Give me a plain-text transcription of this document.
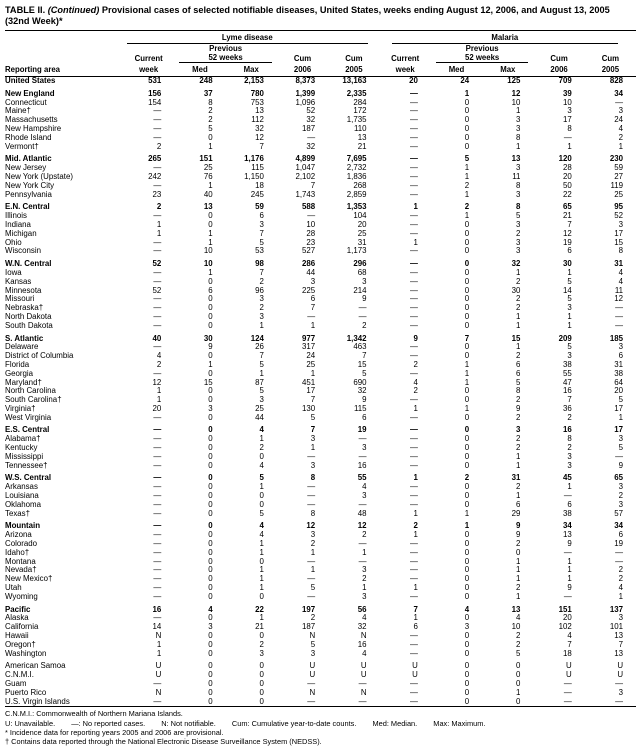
TABLE II. (Continued) Provisional cases of selected notifiable diseases, United States, weeks ending August 12, 2006, and August 13, 2005 (32nd Week)*

	Lyme disease					Malaria				

		Previous					Previous			
	Current	52 weeks		Cum	Cum	Current	52 weeks		Cum	Cum
Reporting area	week	Med	Max	2006	2005	week	Med	Max	2006	2005
United States	531	248	2,153	8,373	13,163	20	24	125	709	828
New England	156	37	780	1,399	2,335	—	1	12	39	34
Connecticut	154	8	753	1,096	284	—	0	10	10	—
Maine†	—	2	13	52	172	—	0	1	3	3
Massachusetts	—	2	112	32	1,735	—	0	3	17	24
New Hampshire	—	5	32	187	110	—	0	3	8	4
Rhode Island	—	0	12	—	13	—	0	8	—	2
Vermont†	2	1	7	32	21	—	0	1	1	1
Mid. Atlantic	265	151	1,176	4,899	7,695	—	5	13	120	230
New Jersey	—	25	115	1,047	2,732	—	1	3	28	59
New York (Upstate)	242	76	1,150	2,102	1,836	—	1	11	20	27
New York City	—	1	18	7	268	—	2	8	50	119
Pennsylvania	23	40	245	1,743	2,859	—	1	3	22	25
E.N. Central	2	13	59	588	1,353	1	2	8	65	95
Illinois	—	0	6	—	104	—	1	5	21	52
Indiana	1	0	3	10	20	—	0	3	7	3
Michigan	1	1	7	28	25	—	0	2	12	17
Ohio	—	1	5	23	31	1	0	3	19	15
Wisconsin	—	10	53	527	1,173	—	0	3	6	8
W.N. Central	52	10	98	286	296	—	0	32	30	31
Iowa	—	1	7	44	68	—	0	1	1	4
Kansas	—	0	2	3	3	—	0	2	5	4
Minnesota	52	6	96	225	214	—	0	30	14	11
Missouri	—	0	3	6	9	—	0	2	5	12
Nebraska†	—	0	2	7	—	—	0	2	3	—
North Dakota	—	0	3	—	—	—	0	1	1	—
South Dakota	—	0	1	1	2	—	0	1	1	—
S. Atlantic	40	30	124	977	1,342	9	7	15	209	185
Delaware	—	9	26	317	463	—	0	1	5	3
District of Columbia	4	0	7	24	7	—	0	2	3	6
Florida	2	1	5	25	15	2	1	6	38	31
Georgia	—	0	1	1	5	—	1	6	55	38
Maryland†	12	15	87	451	690	4	1	5	47	64
North Carolina	1	0	5	17	32	2	0	8	16	20
South Carolina†	1	0	3	7	9	—	0	2	7	5
Virginia†	20	3	25	130	115	1	1	9	36	17
West Virginia	—	0	44	5	6	—	0	2	2	1
E.S. Central	—	0	4	7	19	—	0	3	16	17
Alabama†	—	0	1	3	—	—	0	2	8	3
Kentucky	—	0	2	1	3	—	0	2	2	5
Mississippi	—	0	0	—	—	—	0	1	3	—
Tennessee†	—	0	4	3	16	—	0	1	3	9
W.S. Central	—	0	5	8	55	1	2	31	45	65
Arkansas	—	0	1	—	4	—	0	2	1	3
Louisiana	—	0	0	—	3	—	0	1	—	2
Oklahoma	—	0	0	—	—	—	0	6	6	3
Texas†	—	0	5	8	48	1	1	29	38	57
Mountain	—	0	4	12	12	2	1	9	34	34
Arizona	—	0	4	3	2	1	0	9	13	6
Colorado	—	0	1	2	—	—	0	2	9	19
Idaho†	—	0	1	1	1	—	0	0	—	—
Montana	—	0	0	—	—	—	0	1	1	—
Nevada†	—	0	1	1	3	—	0	1	1	2
New Mexico†	—	0	1	—	2	—	0	1	1	2
Utah	—	0	1	5	1	1	0	2	9	4
Wyoming	—	0	0	—	3	—	0	1	—	1
Pacific	16	4	22	197	56	7	4	13	151	137
Alaska	—	0	1	2	4	1	0	4	20	3
California	14	3	21	187	32	6	3	10	102	101
Hawaii	N	0	0	N	N	—	0	2	4	13
Oregon†	1	0	2	5	16	—	0	2	7	7
Washington	1	0	3	3	4	—	0	5	18	13
American Samoa	U	0	0	U	U	U	0	0	U	U
C.N.M.I.	U	0	0	U	U	U	0	0	U	U
Guam	—	0	0	—	—	—	0	0	—	—
Puerto Rico	N	0	0	N	N	—	0	1	—	3
U.S. Virgin Islands	—	0	0	—	—	—	0	0	—	—
C.N.M.I.: Commonwealth of Northern Mariana Islands.
U: Unavailable. —: No reported cases. N: Not notifiable. Cum: Cumulative year-to-date counts. Med: Median. Max: Maximum.
* Incidence data for reporting years 2005 and 2006 are provisional.
† Contains data reported through the National Electronic Disease Surveillance System (NEDSS).
